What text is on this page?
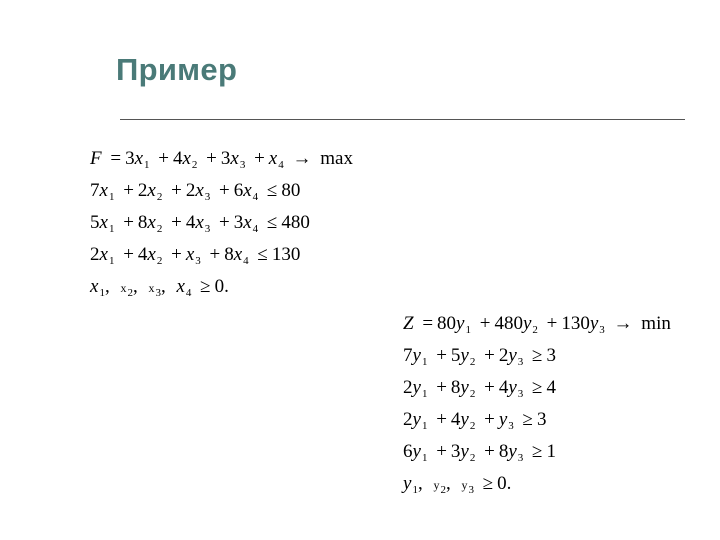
Пример
$F = 3x_1 + 4x_2 + 3x_3 + x_4 \to \max$
$7x_1 + 2x_2 + 2x_3 + 6x_4 \le 80$
$5x_1 + 8x_2 + 4x_3 + 3x_4 \le 480$
$2x_1 + 4x_2 + x_3 + 8x_4 \le 130$
$x_1$, $x_2$, $x_3$, $x_4 \ge 0$.
$Z = 80y_1 + 480y_2 + 130y_3 \to \min$
$7y_1 + 5y_2 + 2y_3 \ge 3$
$2y_1 + 8y_2 + 4y_3 \ge 4$
$2y_1 + 4y_2 + y_3 \ge 3$
$6y_1 + 3y_2 + 8y_3 \ge 1$
$y_1$, $y_2$, $y_3 \ge 0$.
